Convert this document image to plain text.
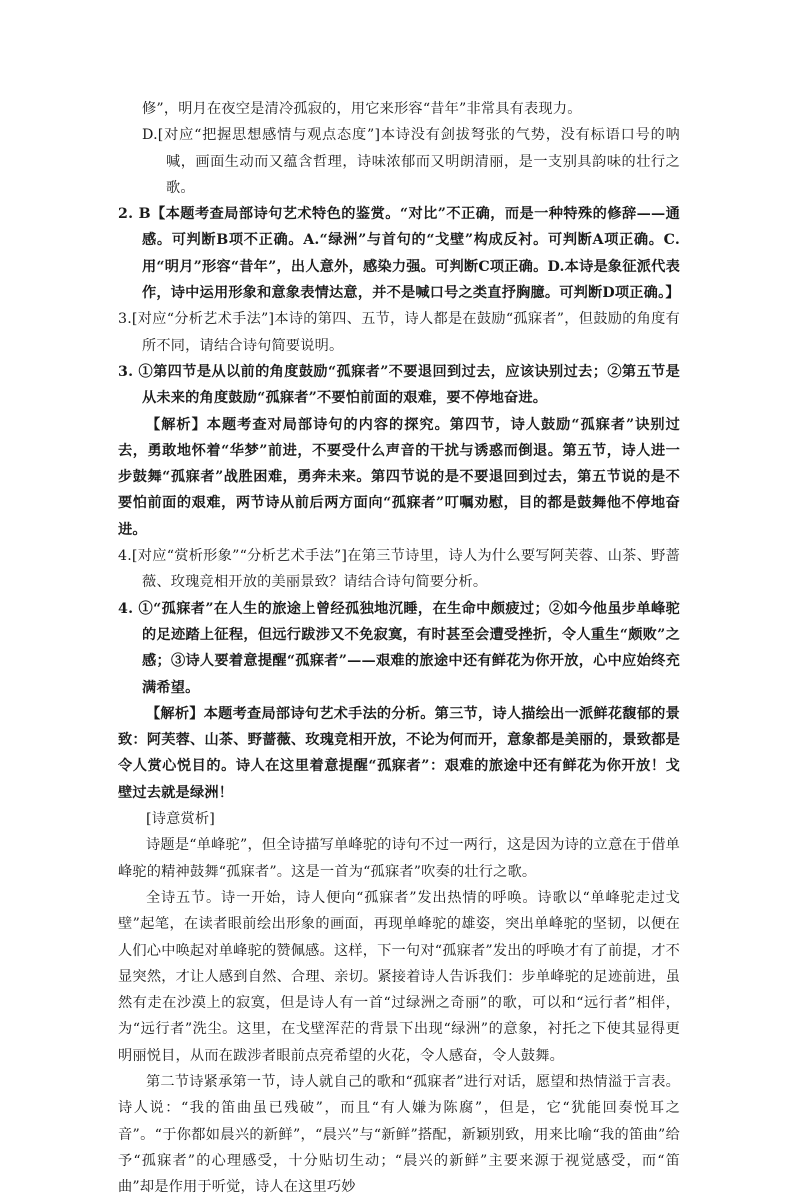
修”，明月在夜空是清冷孤寂的，用它来形容“昔年”非常具有表现力。

D.[对应“把握思想感情与观点态度”]本诗没有剑拔弩张的气势，没有标语口号的呐喊，画面生动而又蕴含哲理，诗味浓郁而又明朗清丽，是一支别具韵味的壮行之歌。

2. B【本题考查局部诗句艺术特色的鉴赏。“对比”不正确，而是一种特殊的修辞——通感。可判断B项不正确。A.“绿洲”与首句的“戈壁”构成反衬。可判断A项正确。C.用“明月”形容“昔年”，出人意外，感染力强。可判断C项正确。D.本诗是象征派代表作，诗中运用形象和意象表情达意，并不是喊口号之类直抒胸臆。可判断D项正确。】

3.[对应“分析艺术手法”]本诗的第四、五节，诗人都是在鼓励“孤寐者”，但鼓励的角度有所不同，请结合诗句简要说明。

3. ①第四节是从以前的角度鼓励“孤寐者”不要退回到过去，应该诀别过去；②第五节是从未来的角度鼓励“孤寐者”不要怕前面的艰难，要不停地奋进。

【解析】本题考查对局部诗句的内容的探究。第四节，诗人鼓励“孤寐者”诀别过去，勇敢地怀着“华梦”前进，不要受什么声音的干扰与诱惑而倒退。第五节，诗人进一步鼓舞“孤寐者”战胜困难，勇奔未来。第四节说的是不要退回到过去，第五节说的是不要怕前面的艰难，两节诗从前后两方面向“孤寐者”叮嘱劝慰，目的都是鼓舞他不停地奋进。

4.[对应“赏析形象”“分析艺术手法”]在第三节诗里，诗人为什么要写阿芙蓉、山茶、野蔷薇、玫瑰竞相开放的美丽景致？请结合诗句简要分析。

4. ①“孤寐者”在人生的旅途上曾经孤独地沉睡，在生命中颇疲过；②如今他虽步单峰驼的足迹踏上征程，但远行跋涉又不免寂寞，有时甚至会遭受挫折，令人重生“颇败”之感；③诗人要着意提醒“孤寐者”——艰难的旅途中还有鲜花为你开放，心中应始终充满希望。

【解析】本题考查局部诗句艺术手法的分析。第三节，诗人描绘出一派鲜花馥郁的景致：阿芙蓉、山茶、野蔷薇、玫瑰竞相开放，不论为何而开，意象都是美丽的，景致都是令人赏心悦目的。诗人在这里着意提醒“孤寐者”：艰难的旅途中还有鲜花为你开放！戈壁过去就是绿洲！

[诗意赏析]

诗题是“单峰驼”，但全诗描写单峰驼的诗句不过一两行，这是因为诗的立意在于借单峰驼的精神鼓舞“孤寐者”。这是一首为“孤寐者”吹奏的壮行之歌。

全诗五节。诗一开始，诗人便向“孤寐者”发出热情的呼唤。诗歌以“单峰驼走过戈壁”起笔，在读者眼前绘出形象的画面，再现单峰驼的雄姿，突出单峰驼的坚韧，以便在人们心中唤起对单峰驼的赞佩感。这样，下一句对“孤寐者”发出的呼唤才有了前提，才不显突然，才让人感到自然、合理、亲切。紧接着诗人告诉我们：步单峰驼的足迹前进，虽然有走在沙漠上的寂寞，但是诗人有一首“过绿洲之奇丽”的歌，可以和“远行者”相伴，为“远行者”洗尘。这里，在戈壁浑茫的背景下出现“绿洲”的意象，衬托之下使其显得更明丽悦目，从而在跋涉者眼前点亮希望的火花，令人感奋，令人鼓舞。

第二节诗紧承第一节，诗人就自己的歌和“孤寐者”进行对话，愿望和热情溢于言表。诗人说：“我的笛曲虽已残破”，而且“有人嫌为陈腐”，但是，它“犹能回奏悦耳之音”。“于你都如晨兴的新鲜”，“晨兴”与“新鲜”搭配，新颖别致，用来比喻“我的笛曲”给予“孤寐者”的心理感受，十分贴切生动；“晨兴的新鲜”主要来源于视觉感受，而“笛曲”却是作用于听觉，诗人在这里巧妙
